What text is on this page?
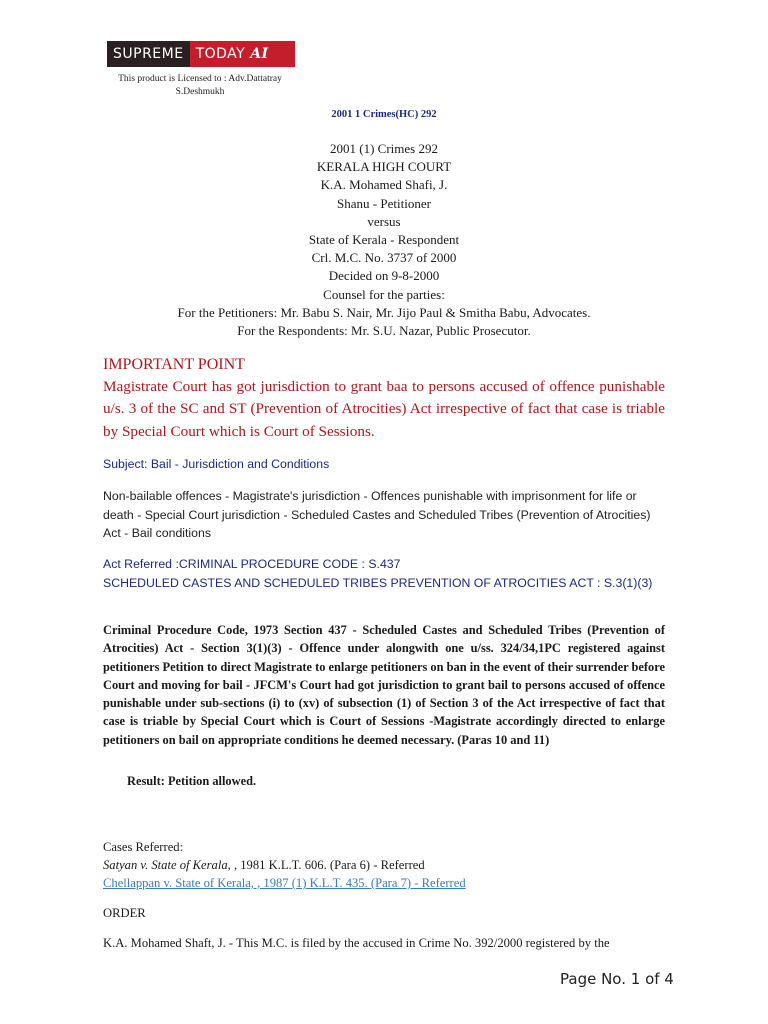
SUPREME TODAY AI
This product is Licensed to : Adv.Dattatray
S.Deshmukh
2001 1 Crimes(HC) 292
2001 (1) Crimes 292
KERALA HIGH COURT
K.A. Mohamed Shafi, J.
Shanu - Petitioner
versus
State of Kerala - Respondent
Crl. M.C. No. 3737 of 2000
Decided on 9-8-2000
Counsel for the parties:
For the Petitioners: Mr. Babu S. Nair, Mr. Jijo Paul & Smitha Babu, Advocates.
For the Respondents: Mr. S.U. Nazar, Public Prosecutor.
IMPORTANT POINT
Magistrate Court has got jurisdiction to grant baa to persons accused of offence punishable u/s. 3 of the SC and ST (Prevention of Atrocities) Act irrespective of fact that case is triable by Special Court which is Court of Sessions.
Subject: Bail - Jurisdiction and Conditions
Non-bailable offences - Magistrate's jurisdiction - Offences punishable with imprisonment for life or death - Special Court jurisdiction - Scheduled Castes and Scheduled Tribes (Prevention of Atrocities) Act - Bail conditions
Act Referred :CRIMINAL PROCEDURE CODE : S.437
SCHEDULED CASTES AND SCHEDULED TRIBES PREVENTION OF ATROCITIES ACT : S.3(1)(3)
Criminal Procedure Code, 1973 Section 437 - Scheduled Castes and Scheduled Tribes (Prevention of Atrocities) Act - Section 3(1)(3) - Offence under alongwith one u/ss. 324/34,1PC registered against petitioners Petition to direct Magistrate to enlarge petitioners on ban in the event of their surrender before Court and moving for bail - JFCM's Court had got jurisdiction to grant bail to persons accused of offence punishable under sub-sections (i) to (xv) of subsection (1) of Section 3 of the Act irrespective of fact that case is triable by Special Court which is Court of Sessions -Magistrate accordingly directed to enlarge petitioners on bail on appropriate conditions he deemed necessary. (Paras 10 and 11)
Result: Petition allowed.
Cases Referred:
Satyan v. State of Kerala, , 1981 K.L.T. 606. (Para 6) - Referred
Chellappan v. State of Kerala, , 1987 (1) K.L.T. 435. (Para 7) - Referred
ORDER
K.A. Mohamed Shaft, J. - This M.C. is filed by the accused in Crime No. 392/2000 registered by the
Page No. 1 of 4
